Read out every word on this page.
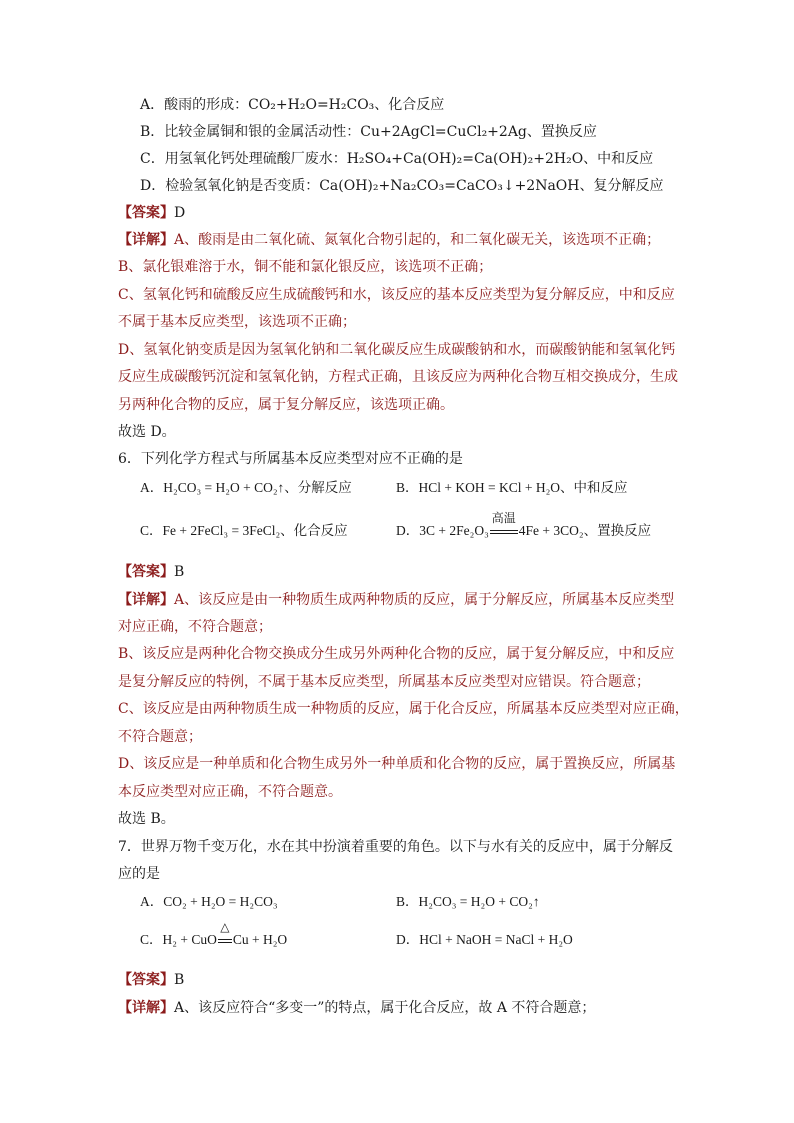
A．酸雨的形成：CO₂+H₂O=H₂CO₃、化合反应
B．比较金属铜和银的金属活动性：Cu+2AgCl=CuCl₂+2Ag、置换反应
C．用氢氧化钙处理硫酸厂废水：H₂SO₄+Ca(OH)₂=Ca(OH)₂+2H₂O、中和反应
D．检验氢氧化钠是否变质：Ca(OH)₂+Na₂CO₃=CaCO₃↓+2NaOH、复分解反应
【答案】D
【详解】A、酸雨是由二氧化硫、氮氧化合物引起的，和二氧化碳无关，该选项不正确；
B、氯化银难溶于水，铜不能和氯化银反应，该选项不正确；
C、氢氧化钙和硫酸反应生成硫酸钙和水，该反应的基本反应类型为复分解反应，中和反应
不属于基本反应类型，该选项不正确；
D、氢氧化钠变质是因为氢氧化钠和二氧化碳反应生成碳酸钠和水，而碳酸钠能和氢氧化钙
反应生成碳酸钙沉淀和氢氧化钠，方程式正确，且该反应为两种化合物互相交换成分，生成
另两种化合物的反应，属于复分解反应，该选项正确。
故选 D。
6．下列化学方程式与所属基本反应类型对应不正确的是
A．H₂CO₃ = H₂O + CO₂↑、分解反应	B．HCl + KOH = KCl + H₂O、中和反应
C．Fe + 2FeCl₃ = 3FeCl₂、化合反应	D．3C + 2Fe₂O₃
高温
4Fe + 3CO₂、置换反应
【答案】B
【详解】A、该反应是由一种物质生成两种物质的反应，属于分解反应，所属基本反应类型
对应正确，不符合题意；
B、该反应是两种化合物交换成分生成另外两种化合物的反应，属于复分解反应，中和反应
是复分解反应的特例，不属于基本反应类型，所属基本反应类型对应错误。符合题意；
C、该反应是由两种物质生成一种物质的反应，属于化合反应，所属基本反应类型对应正确，
不符合题意；
D、该反应是一种单质和化合物生成另外一种单质和化合物的反应，属于置换反应，所属基
本反应类型对应正确，不符合题意。
故选 B。
7．世界万物千变万化，水在其中扮演着重要的角色。以下与水有关的反应中，属于分解反
应的是
A．CO₂ + H₂O = H₂CO₃	B．H₂CO₃ = H₂O + CO₂↑
C．H₂ + CuO
△
Cu + H₂O	D．HCl + NaOH = NaCl + H₂O
【答案】B
【详解】A、该反应符合“多变一”的特点，属于化合反应，故 A 不符合题意；
